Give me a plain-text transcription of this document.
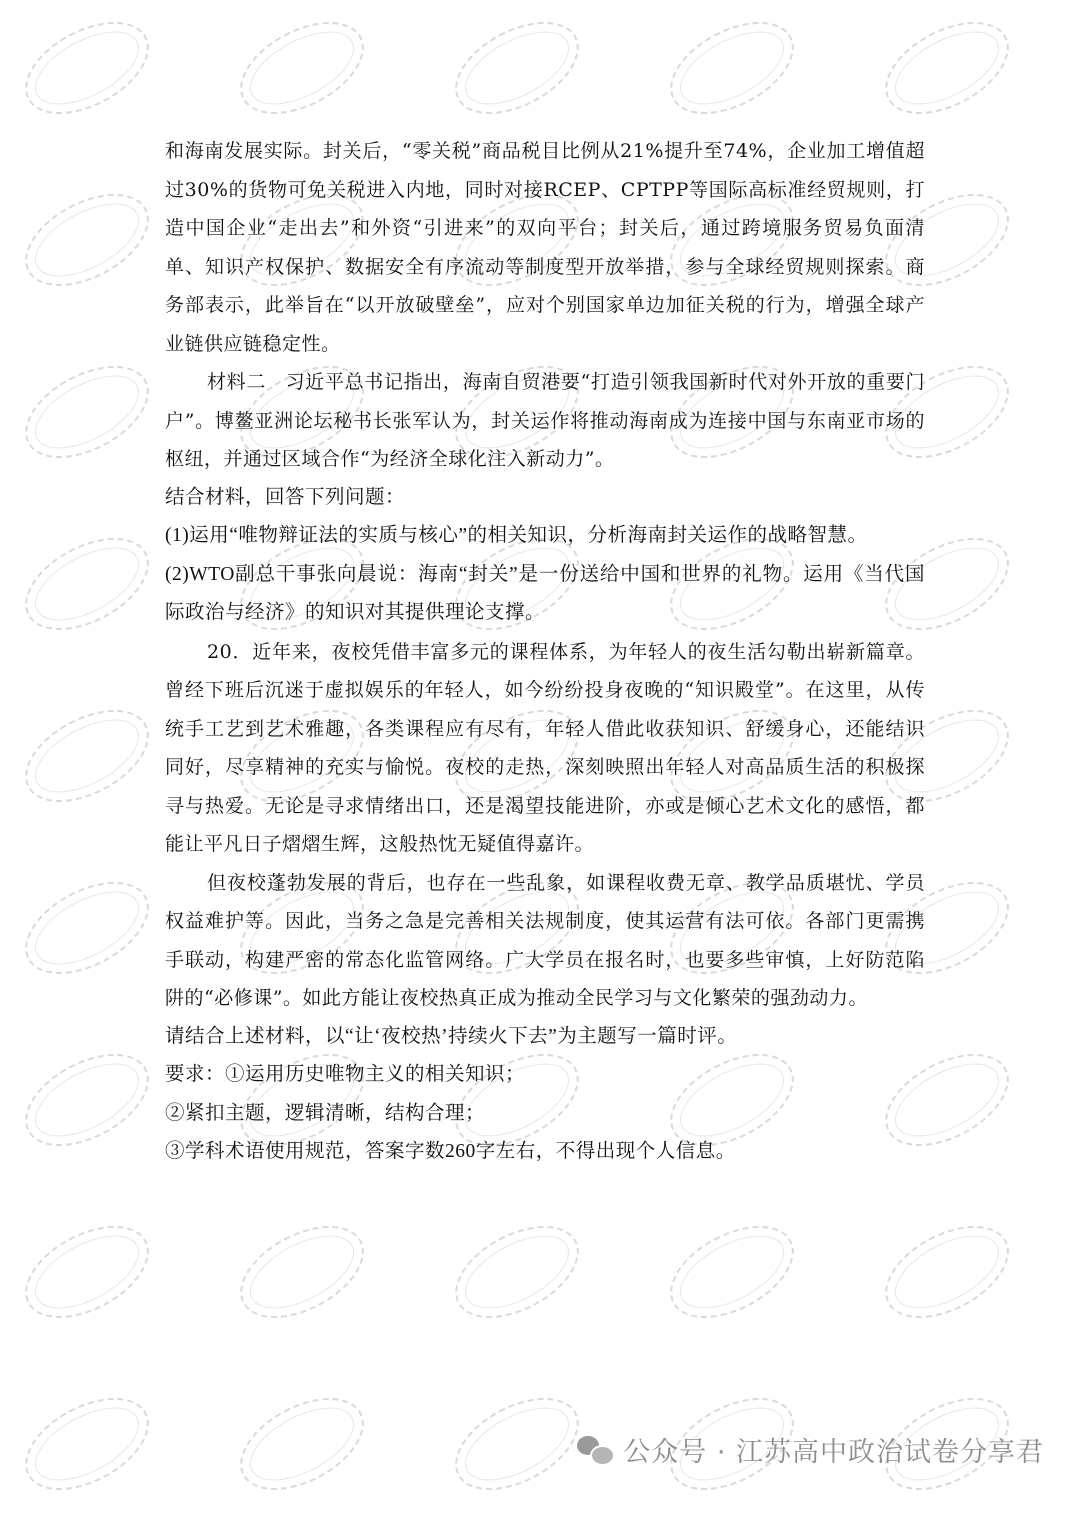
和海南发展实际。封关后，“零关税”商品税目比例从21%提升至74%，企业加工增值超过30%的货物可免关税进入内地，同时对接RCEP、CPTPP等国际高标准经贸规则，打造中国企业“走出去”和外资“引进来”的双向平台；封关后，通过跨境服务贸易负面清单、知识产权保护、数据安全有序流动等制度型开放举措，参与全球经贸规则探索。商务部表示，此举旨在“以开放破壁垒”，应对个别国家单边加征关税的行为，增强全球产业链供应链稳定性。

材料二　习近平总书记指出，海南自贸港要“打造引领我国新时代对外开放的重要门户”。博鳌亚洲论坛秘书长张军认为，封关运作将推动海南成为连接中国与东南亚市场的枢纽，并通过区域合作“为经济全球化注入新动力”。

结合材料，回答下列问题：

(1)运用“唯物辩证法的实质与核心”的相关知识，分析海南封关运作的战略智慧。

(2)WTO副总干事张向晨说：海南“封关”是一份送给中国和世界的礼物。运用《当代国际政治与经济》的知识对其提供理论支撑。

20．近年来，夜校凭借丰富多元的课程体系，为年轻人的夜生活勾勒出崭新篇章。曾经下班后沉迷于虚拟娱乐的年轻人，如今纷纷投身夜晚的“知识殿堂”。在这里，从传统手工艺到艺术雅趣，各类课程应有尽有，年轻人借此收获知识、舒缓身心，还能结识同好，尽享精神的充实与愉悦。夜校的走热，深刻映照出年轻人对高品质生活的积极探寻与热爱。无论是寻求情绪出口，还是渴望技能进阶，亦或是倾心艺术文化的感悟，都能让平凡日子熠熠生辉，这般热忱无疑值得嘉许。

但夜校蓬勃发展的背后，也存在一些乱象，如课程收费无章、教学品质堪忧、学员权益难护等。因此，当务之急是完善相关法规制度，使其运营有法可依。各部门更需携手联动，构建严密的常态化监管网络。广大学员在报名时，也要多些审慎，上好防范陷阱的“必修课”。如此方能让夜校热真正成为推动全民学习与文化繁荣的强劲动力。

请结合上述材料，以“让‘夜校热’持续火下去”为主题写一篇时评。

要求：①运用历史唯物主义的相关知识；

②紧扣主题，逻辑清晰，结构合理；

③学科术语使用规范，答案字数260字左右，不得出现个人信息。

公众号 · 江苏高中政治试卷分享君
